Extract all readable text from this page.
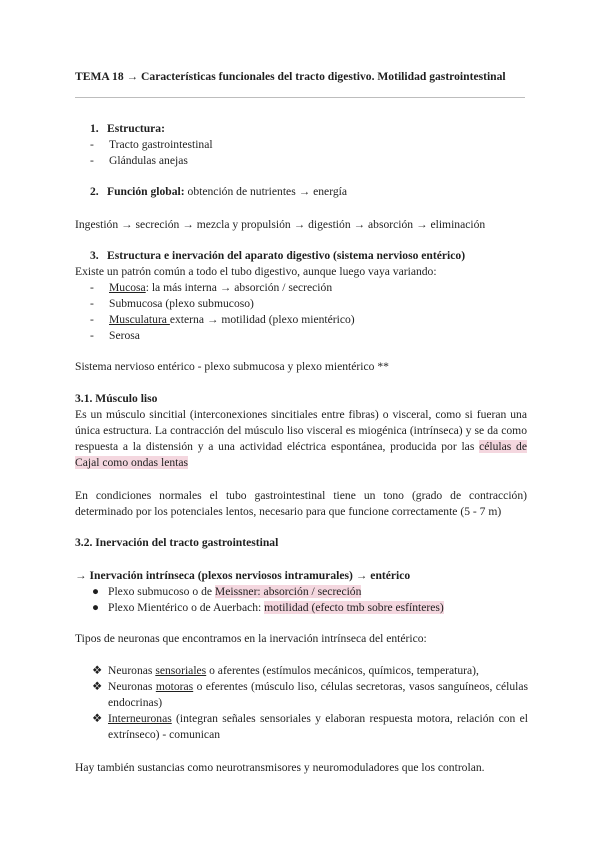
TEMA 18 → Características funcionales del tracto digestivo. Motilidad gastrointestinal
1. Estructura:
- Tracto gastrointestinal
- Glándulas anejas
2. Función global: obtención de nutrientes → energía
Ingestión → secreción → mezcla y propulsión → digestión → absorción → eliminación
3. Estructura e inervación del aparato digestivo (sistema nervioso entérico)
Existe un patrón común a todo el tubo digestivo, aunque luego vaya variando:
- Mucosa: la más interna → absorción / secreción
- Submucosa (plexo submucoso)
- Musculatura externa → motilidad (plexo mientérico)
- Serosa
Sistema nervioso entérico - plexo submucosa y plexo mientérico **
3.1. Músculo liso
Es un músculo sincitial (interconexiones sincitiales entre fibras) o visceral, como si fueran una única estructura. La contracción del músculo liso visceral es miogénica (intrínseca) y se da como respuesta a la distensión y a una actividad eléctrica espontánea, producida por las células de Cajal como ondas lentas
En condiciones normales el tubo gastrointestinal tiene un tono (grado de contracción) determinado por los potenciales lentos, necesario para que funcione correctamente (5 - 7 m)
3.2. Inervación del tracto gastrointestinal
→ Inervación intrínseca (plexos nerviosos intramurales) → entérico
● Plexo submucoso o de Meissner: absorción / secreción
● Plexo Mientérico o de Auerbach: motilidad (efecto tmb sobre esfínteres)
Tipos de neuronas que encontramos en la inervación intrínseca del entérico:
❖ Neuronas sensoriales o aferentes (estímulos mecánicos, químicos, temperatura),
❖ Neuronas motoras o eferentes (músculo liso, células secretoras, vasos sanguíneos, células endocrinas)
❖ Interneuronas (integran señales sensoriales y elaboran respuesta motora, relación con el extrínseco) - comunican
Hay también sustancias como neurotransmisores y neuromoduladores que los controlan.
